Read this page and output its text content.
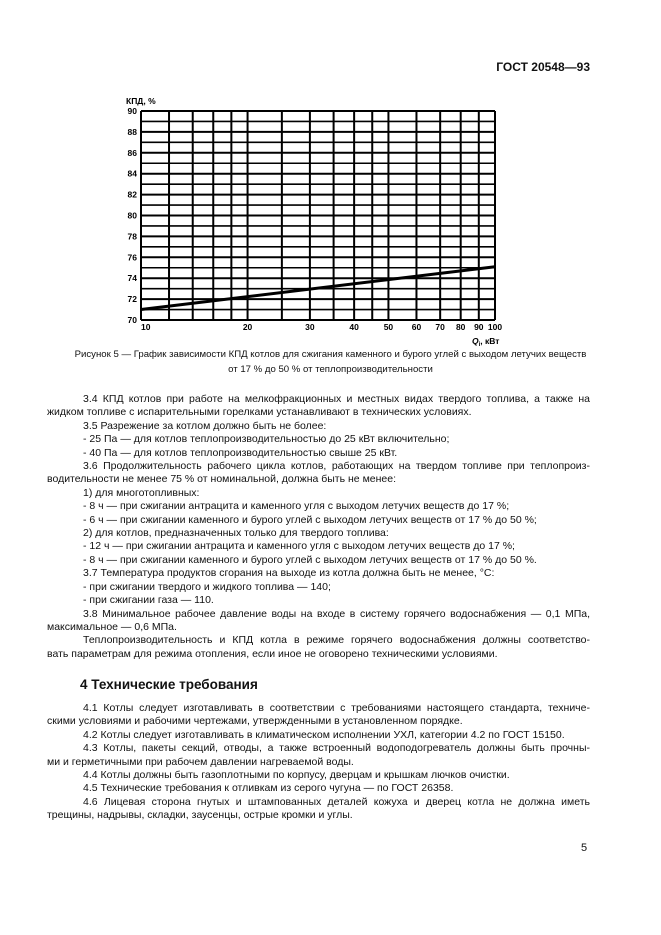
ГОСТ 20548—93
90
88
86
84
82
80
78
76
74
72
70
10	20	30	40	50 60 70 80 90 100
КПД, %
$Q_i$, кВт
Рисунок 5 — График зависимости КПД котлов для сжигания каменного и бурого углей с выходом летучих веществ
от 17 % до 50 % от теплопроизводительности
3.4 КПД котлов при работе на мелкофракционных и местных видах твердого топлива, а также на
жидком топливе с испарительными горелками устанавливают в технических условиях.
3.5 Разрежение за котлом должно быть не более:
- 25 Па — для котлов теплопроизводительностью до 25 кВт включительно;
- 40 Па — для котлов теплопроизводительностью свыше 25 кВт.
3.6 Продолжительность рабочего цикла котлов, работающих на твердом топливе при теплопроиз-
водительности не менее 75 % от номинальной, должна быть не менее:
1) для многотопливных:
- 8 ч — при сжигании антрацита и каменного угля с выходом летучих веществ до 17 %;
- 6 ч — при сжигании каменного и бурого углей с выходом летучих веществ от 17 % до 50 %;
2) для котлов, предназначенных только для твердого топлива:
- 12 ч — при сжигании антрацита и каменного угля с выходом летучих веществ до 17 %;
- 8 ч — при сжигании каменного и бурого углей с выходом летучих веществ от 17 % до 50 %.
3.7 Температура продуктов сгорания на выходе из котла должна быть не менее, °С:
- при сжигании твердого и жидкого топлива — 140;
- при сжигании газа — 110.
3.8 Минимальное рабочее давление воды на входе в систему горячего водоснабжения — 0,1 МПа,
максимальное — 0,6 МПа.
Теплопроизводительность и КПД котла в режиме горячего водоснабжения должны соответство-
вать параметрам для режима отопления, если иное не оговорено техническими условиями.
4 Технические требования
4.1 Котлы следует изготавливать в соответствии с требованиями настоящего стандарта, техниче-
скими условиями и рабочими чертежами, утвержденными в установленном порядке.
4.2 Котлы следует изготавливать в климатическом исполнении УХЛ, категории 4.2 по ГОСТ 15150.
4.3 Котлы, пакеты секций, отводы, а также встроенный водоподогреватель должны быть прочны-
ми и герметичными при рабочем давлении нагреваемой воды.
4.4 Котлы должны быть газоплотными по корпусу, дверцам и крышкам лючков очистки.
4.5 Технические требования к отливкам из серого чугуна — по ГОСТ 26358.
4.6 Лицевая сторона гнутых и штампованных деталей кожуха и дверец котла не должна иметь
трещины, надрывы, складки, заусенцы, острые кромки и углы.
5
